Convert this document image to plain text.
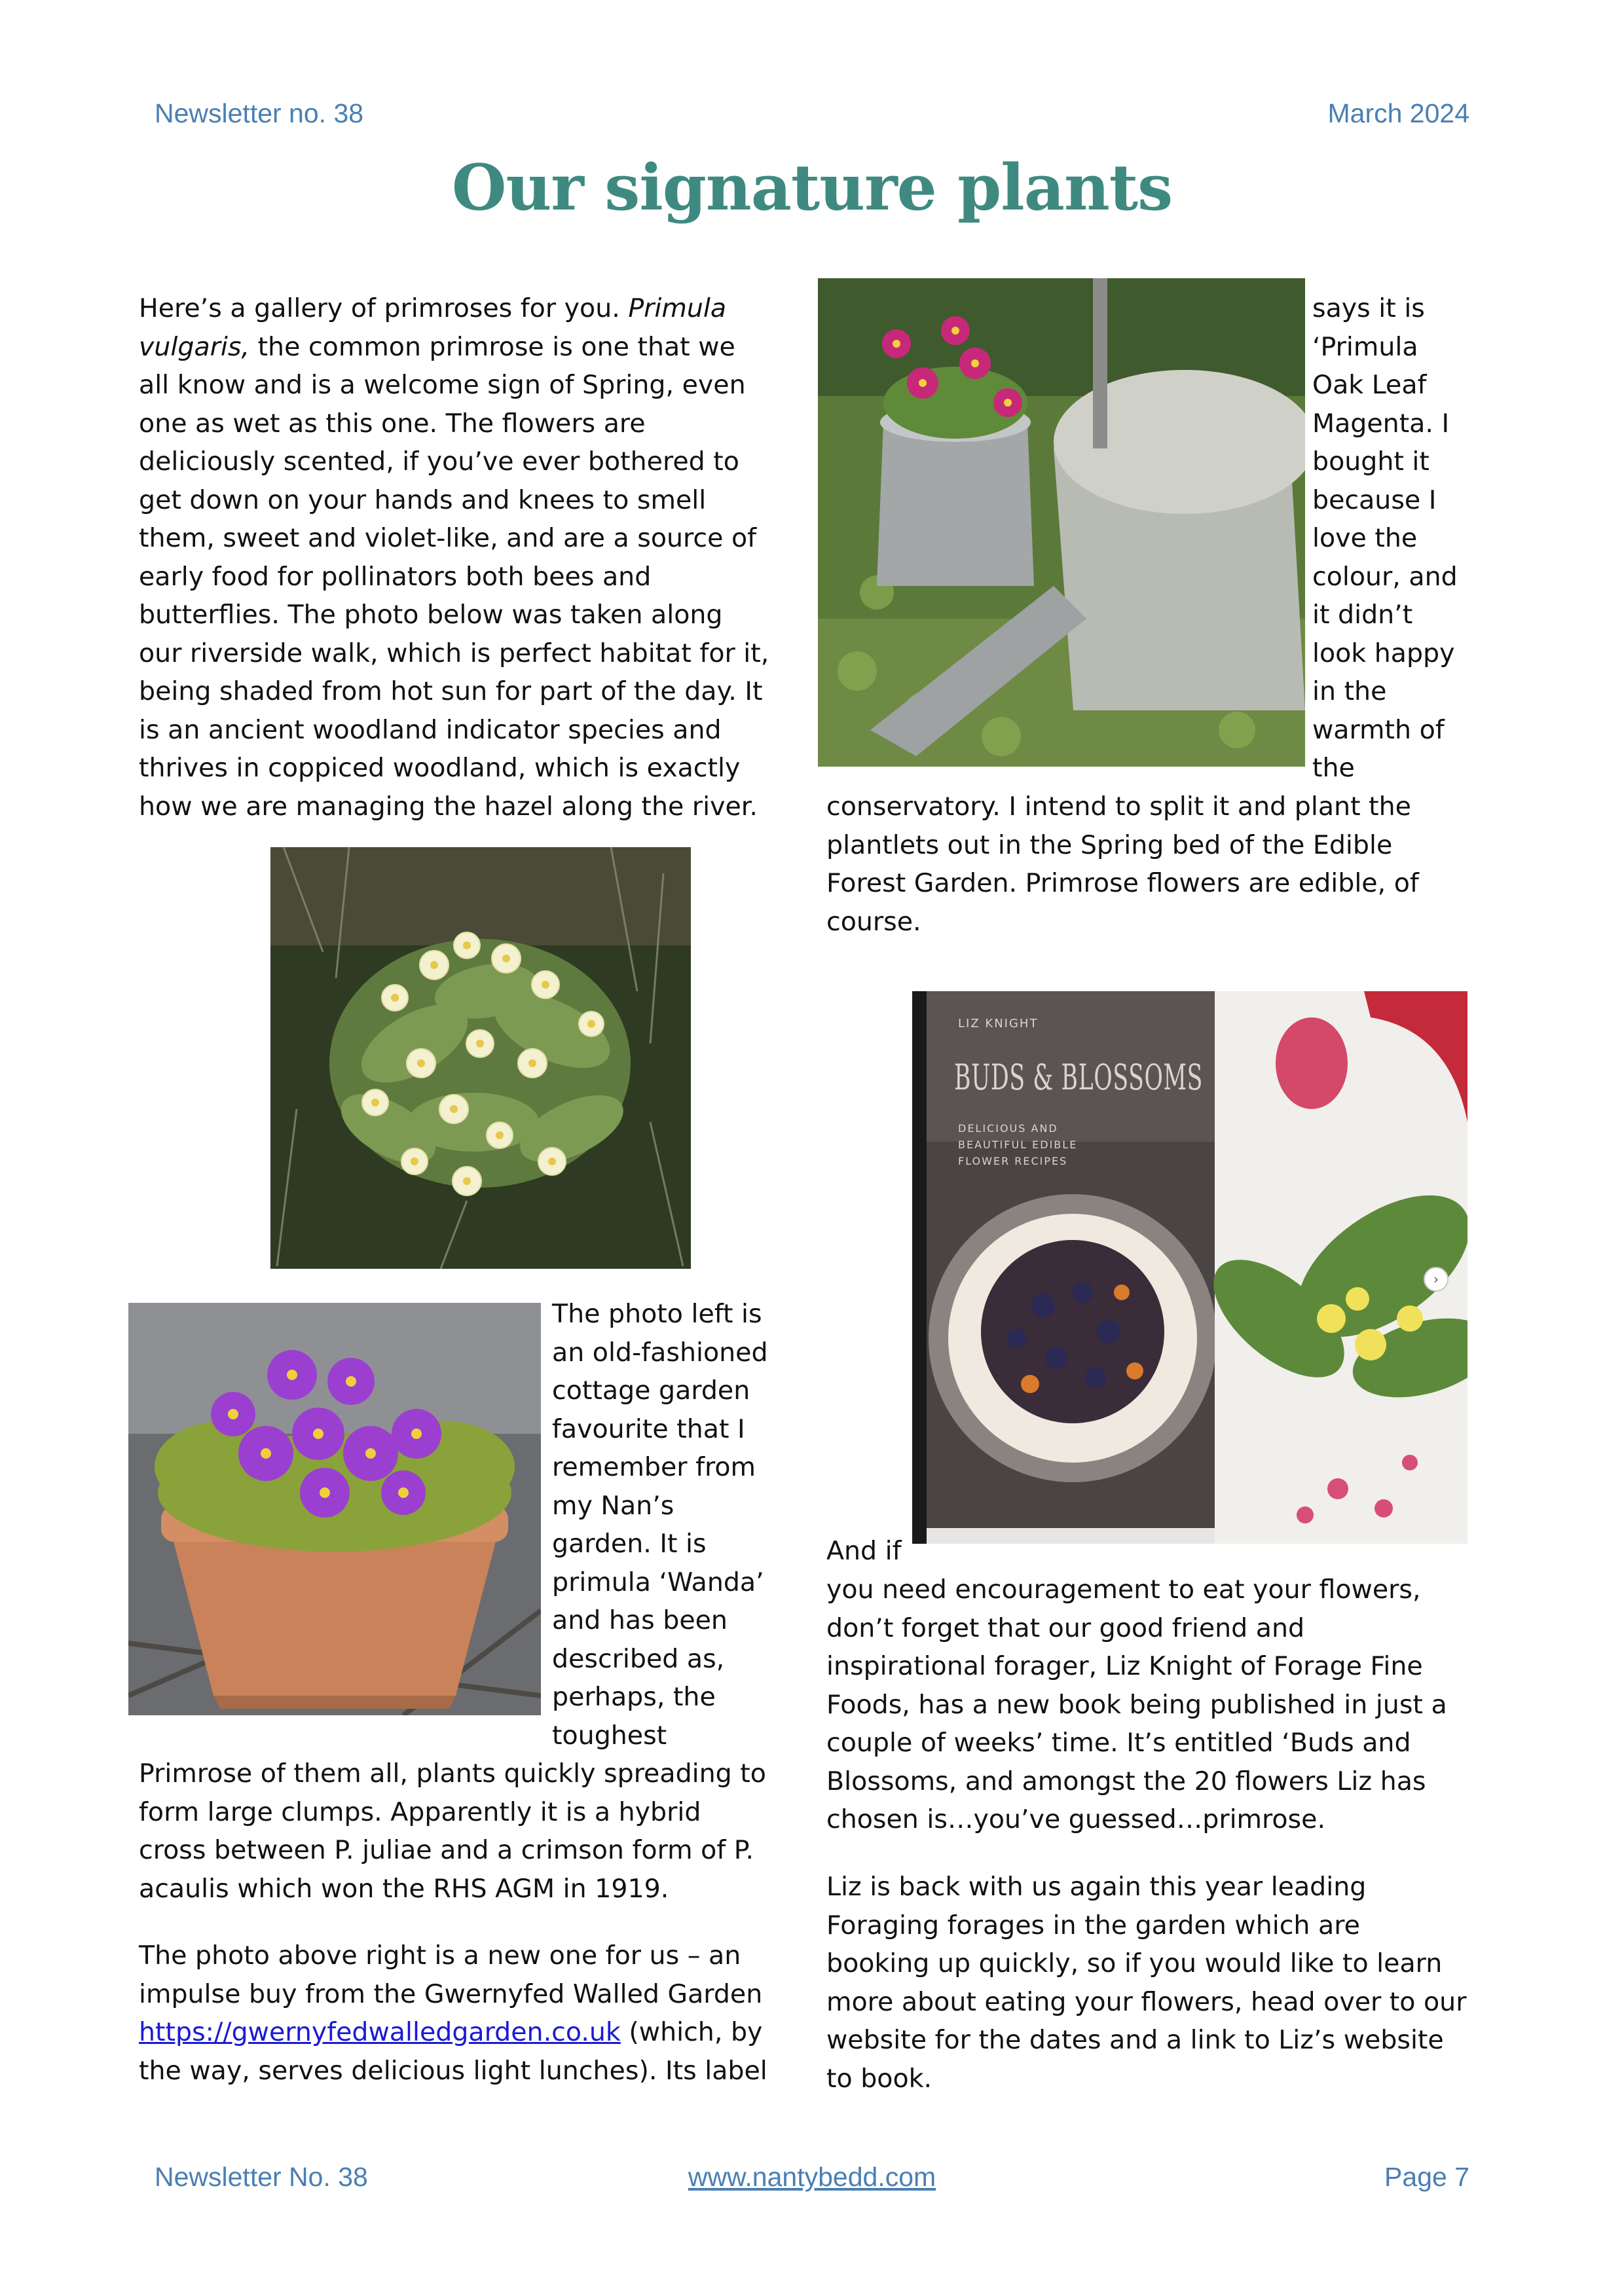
Newsletter no. 38	March 2024
Our signature plants

Here’s a gallery of primroses for you. Primula vulgaris, the common primrose is one that we all know and is a welcome sign of Spring, even one as wet as this one. The flowers are deliciously scented, if you’ve ever bothered to get down on your hands and knees to smell them, sweet and violet-like, and are a source of early food for pollinators both bees and butterflies. The photo below was taken along our riverside walk, which is perfect habitat for it, being shaded from hot sun for part of the day. It is an ancient woodland indicator species and thrives in coppiced woodland, which is exactly how we are managing the hazel along the river.

The photo left is
an old-fashioned
cottage garden
favourite that I
remember from
my Nan’s
garden. It is
primula ‘Wanda’
and has been
described as,
perhaps, the
toughest

Primrose of them all, plants quickly spreading to form large clumps. Apparently it is a hybrid cross between P. juliae and a crimson form of P. acaulis which won the RHS AGM in 1919.

The photo above right is a new one for us – an impulse buy from the Gwernyfed Walled Garden https://gwernyfedwalledgarden.co.uk (which, by the way, serves delicious light lunches). Its label

says it is
‘Primula
Oak Leaf
Magenta. I
bought it
because I
love the
colour, and
it didn’t
look happy
in the
warmth of
the

conservatory. I intend to split it and plant the plantlets out in the Spring bed of the Edible Forest Garden. Primrose flowers are edible, of course.

LIZ KNIGHT
BUDS & BLOSSOMS
DELICIOUS AND
BEAUTIFUL EDIBLE
FLOWER RECIPES
›
And if

you need encouragement to eat your flowers, don’t forget that our good friend and inspirational forager, Liz Knight of Forage Fine Foods, has a new book being published in just a couple of weeks’ time. It’s entitled ‘Buds and Blossoms, and amongst the 20 flowers Liz has chosen is…you’ve guessed…primrose.

Liz is back with us again this year leading Foraging forages in the garden which are booking up quickly, so if you would like to learn more about eating your flowers, head over to our website for the dates and a link to Liz’s website to book.

Newsletter No. 38	www.nantybedd.com	Page 7
